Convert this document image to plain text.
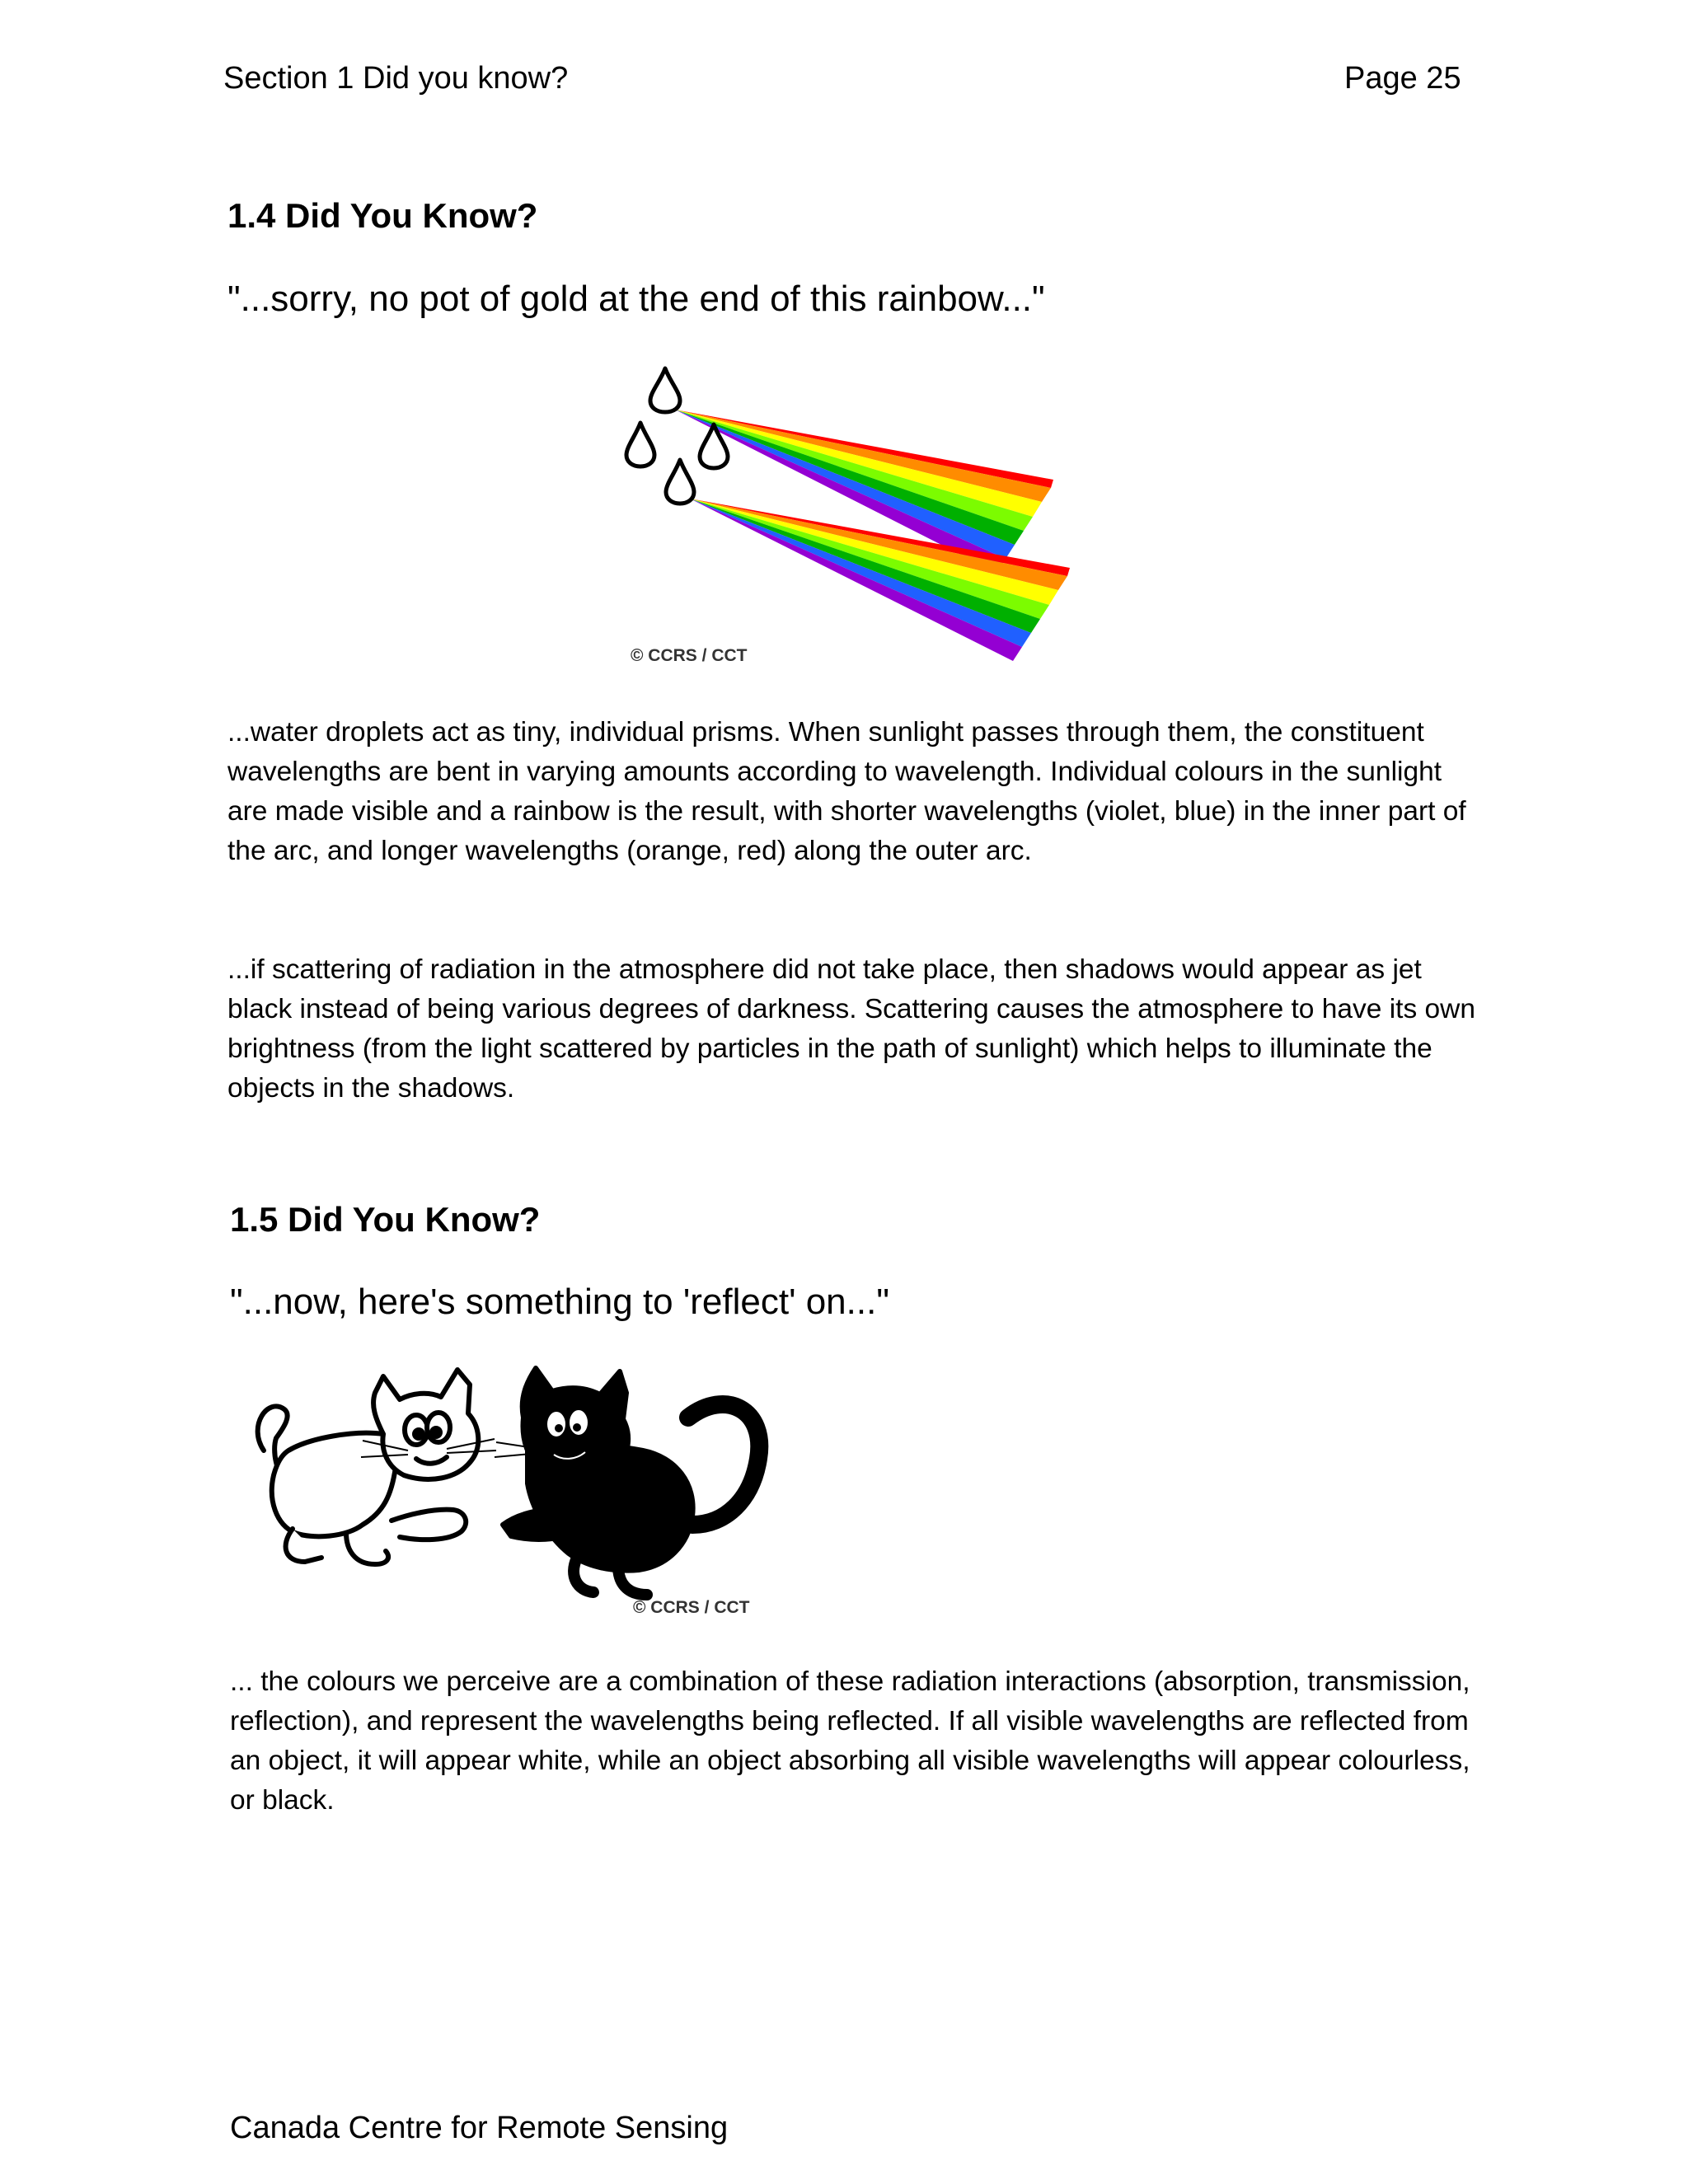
Section 1 Did you know?	Page 25
1.4 Did You Know?
"...sorry, no pot of gold at the end of this rainbow..."
© CCRS / CCT
...water droplets act as tiny, individual prisms. When sunlight passes through them, the constituent wavelengths are bent in varying amounts according to wavelength. Individual colours in the sunlight are made visible and a rainbow is the result, with shorter wavelengths (violet, blue) in the inner part of the arc, and longer wavelengths (orange, red) along the outer arc.
...if scattering of radiation in the atmosphere did not take place, then shadows would appear as jet black instead of being various degrees of darkness. Scattering causes the atmosphere to have its own brightness (from the light scattered by particles in the path of sunlight) which helps to illuminate the objects in the shadows.
1.5 Did You Know?
"...now, here's something to 'reflect' on..."
© CCRS / CCT
... the colours we perceive are a combination of these radiation interactions (absorption, transmission, reflection), and represent the wavelengths being reflected. If all visible wavelengths are reflected from an object, it will appear white, while an object absorbing all visible wavelengths will appear colourless, or black.
Canada Centre for Remote Sensing
